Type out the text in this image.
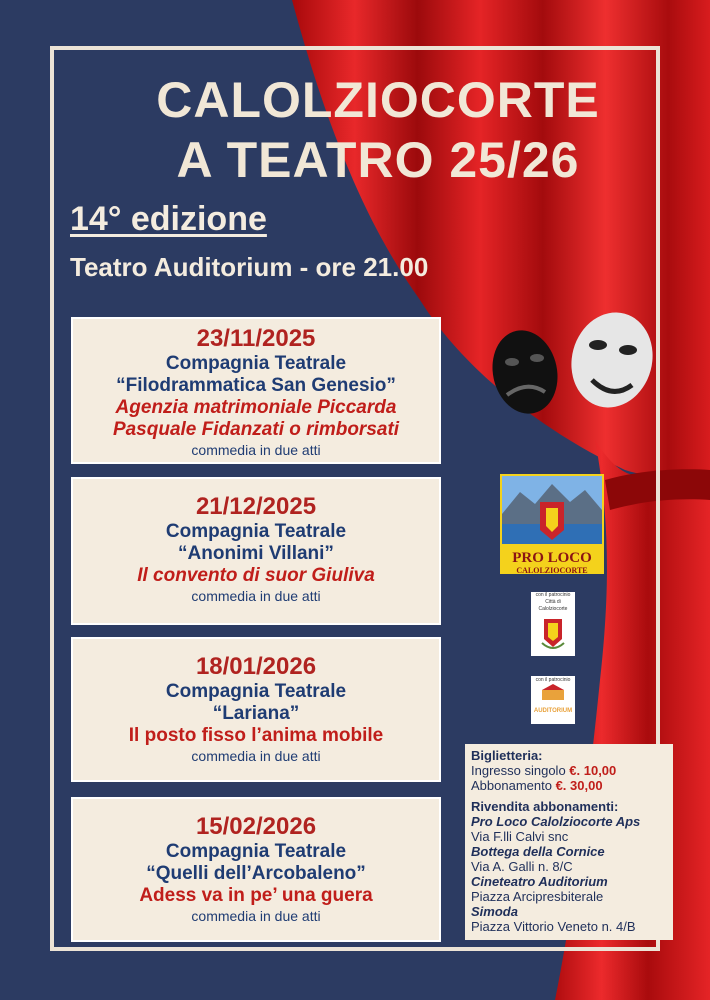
CALOLZIOCORTE
A TEATRO 25/26
14° edizione
Teatro Auditorium - ore 21.00
23/11/2025
Compagnia Teatrale
“Filodrammatica San Genesio”
Agenzia matrimoniale Piccarda
Pasquale Fidanzati o rimborsati
commedia in due atti
21/12/2025
Compagnia Teatrale
“Anonimi Villani”
Il convento di suor Giuliva
commedia in due atti
18/01/2026
Compagnia Teatrale
“Lariana”
Il posto fisso l’anima mobile
commedia in due atti
15/02/2026
Compagnia Teatrale
“Quelli dell’Arcobaleno”
Adess va in pe’ una guera
commedia in due atti
PRO LOCO
CALOLZIOCORTE
con il patrocinio
Città di Calolziocorte
con il patrocinio
AUDITORIUM
Biglietteria:
Ingresso singolo €. 10,00
Abbonamento €. 30,00
Rivendita abbonamenti:
Pro Loco Calolziocorte Aps
Via F.lli Calvi snc
Bottega della Cornice
Via A. Galli n. 8/C
Cineteatro Auditorium
Piazza Arcipresbiterale
Simoda
Piazza Vittorio Veneto n. 4/B
